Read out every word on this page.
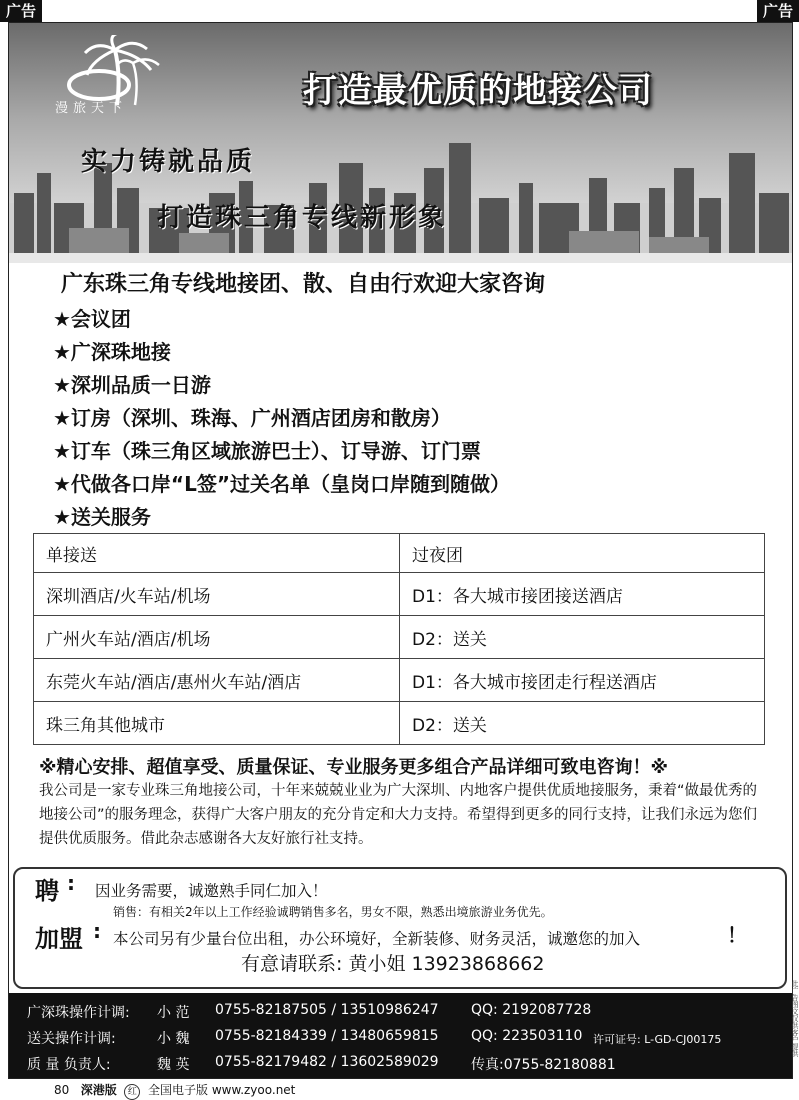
广告	广告
漫旅天下	打造最优质的地接公司
实力铸就品质
打造珠三角专线新形象
广东珠三角专线地接团、散、自由行欢迎大家咨询
★会议团
★广深珠地接
★深圳品质一日游
★订房（深圳、珠海、广州酒店团房和散房）
★订车（珠三角区域旅游巴士）、订导游、订门票
★代做各口岸“L签”过关名单（皇岗口岸随到随做）
★送关服务
单接送	过夜团
深圳酒店/火车站/机场	D1：各大城市接团接送酒店
广州火车站/酒店/机场	D2：送关
东莞火车站/酒店/惠州火车站/酒店	D1：各大城市接团走行程送酒店
珠三角其他城市	D2：送关
※精心安排、超值享受、质量保证、专业服务更多组合产品详细可致电咨询！※
我公司是一家专业珠三角地接公司，十年来兢兢业业为广大深圳、内地客户提供优质地接服务，秉着“做最优秀的地接公司”的服务理念，获得广大客户朋友的充分肯定和大力支持。希望得到更多的同行支持，让我们永远为您们提供优质服务。借此杂志感谢各大友好旅行社支持。
聘 : 因业务需要，诚邀熟手同仁加入！
销售：有相关2年以上工作经验诚聘销售多名，男女不限，熟悉出境旅游业务优先。
加盟 : 本公司另有少量台位出租，办公环境好，全新装修、财务灵活，诚邀您的加入	！
有意请联系: 黄小姐 13923868662
广深珠操作计调: 小 范 0755-82187505 / 13510986247 QQ: 2192087728
送关操作计调:	小 魏 0755-82184339 / 13480659815 QQ: 223503110 许可证号: L-GD-CJ00175
质 量 负责人:	魏 英 0755-82179482 / 13602589029 传真:0755-82180881
此广告图文仅供客户提供
80 深港版 红 全国电子版 www.zyoo.net
